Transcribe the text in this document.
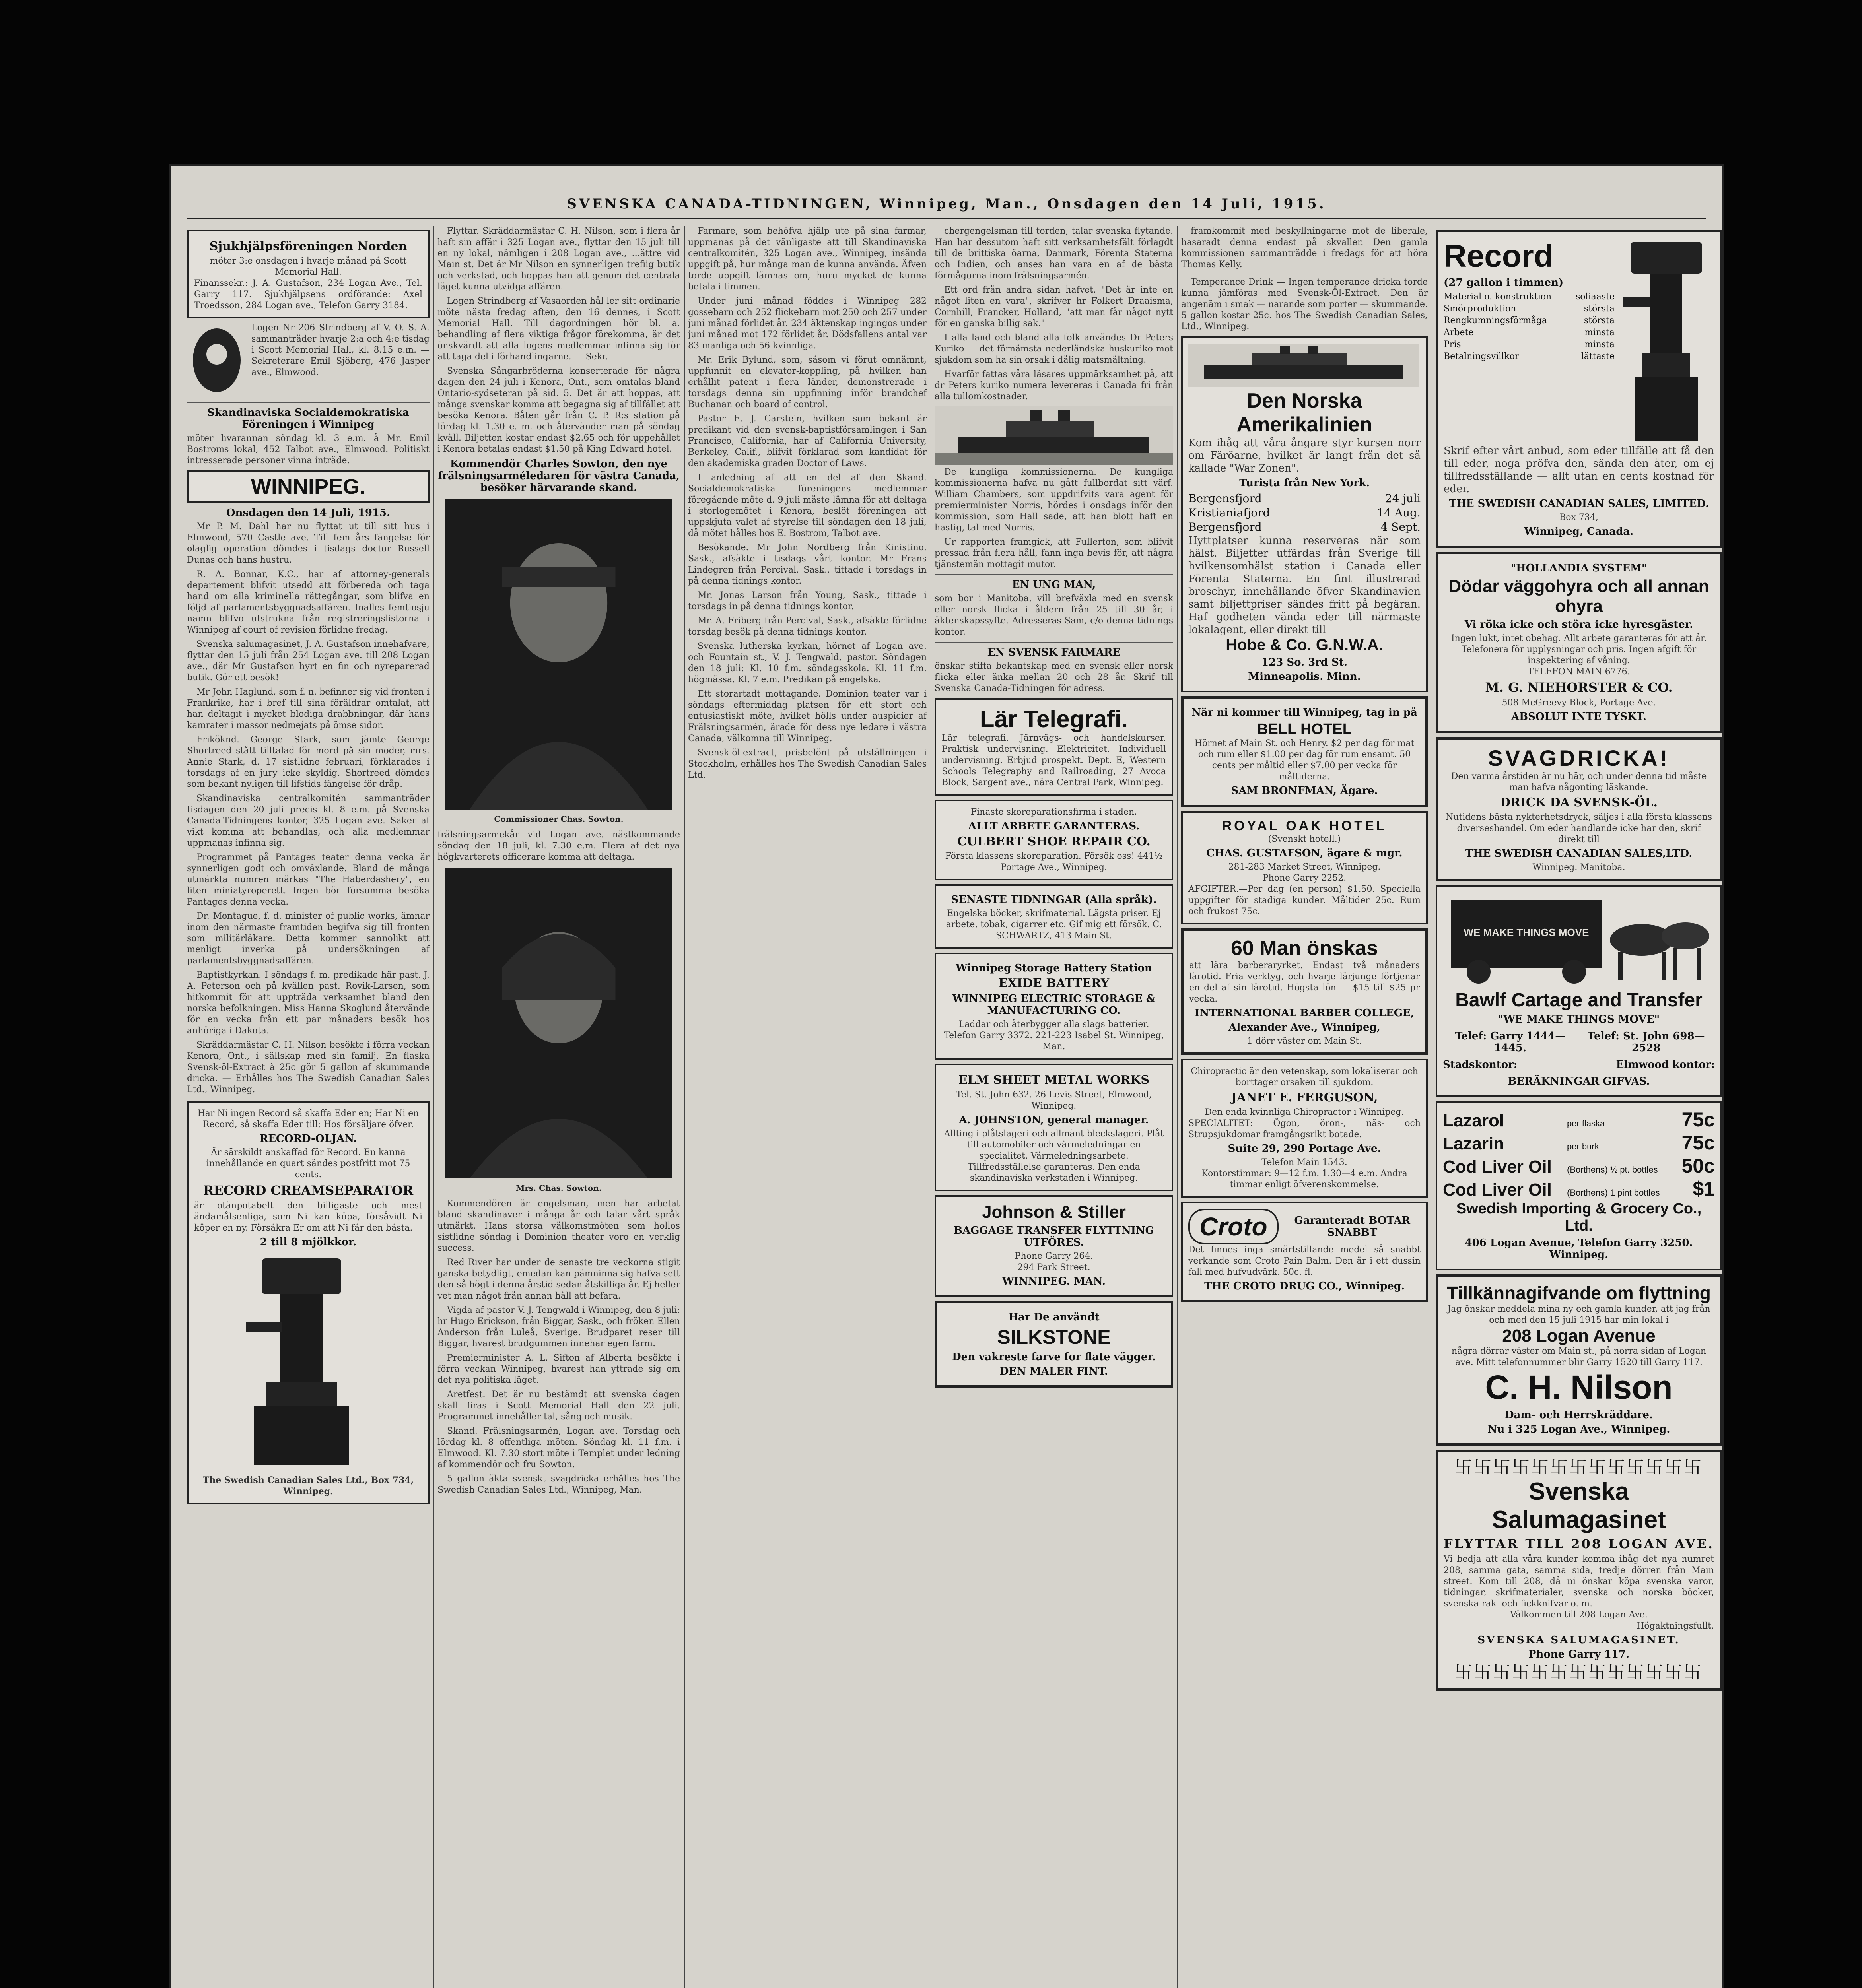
SVENSKA CANADA-TIDNINGEN, Winnipeg, Man., Onsdagen den 14 Juli, 1915.
Sjukhjälpsföreningen Norden
möter 3:e onsdagen i hvarje månad på Scott Memorial Hall.
Finanssekr.: J. A. Gustafson, 234 Logan Ave., Tel. Garry 117. Sjukhjälpsens ordförande: Axel Troedsson, 284 Logan ave., Telefon Garry 3184.
Logen Nr 206 Strindberg af V. O. S. A. sammanträder hvarje 2:a och 4:e tisdag i Scott Memorial Hall, kl. 8.15 e.m. — Sekreterare Emil Sjöberg, 476 Jasper ave., Elmwood.
Skandinaviska Socialdemokratiska Föreningen i Winnipeg
möter hvarannan söndag kl. 3 e.m. å Mr. Emil Bostroms lokal, 452 Talbot ave., Elmwood. Politiskt intresserade personer vinna inträde.
WINNIPEG.
Onsdagen den 14 Juli, 1915.

Mr P. M. Dahl har nu flyttat ut till sitt hus i Elmwood, 570 Castle ave. Till fem års fängelse för olaglig operation dömdes i tisdags doctor Russell Dunas och hans hustru.

R. A. Bonnar, K.C., har af attorney-generals departement blifvit utsedd att förbereda och taga hand om alla kriminella rättegångar, som blifva en följd af parlamentsbyggnadsaffären. Inalles femtiosju namn blifvo utstrukna från registreringslistorna i Winnipeg af court of revision förlidne fredag.

Svenska salumagasinet, J. A. Gustafson innehafvare, flyttar den 15 juli från 254 Logan ave. till 208 Logan ave., där Mr Gustafson hyrt en fin och nyreparerad butik. Gör ett besök!

Mr John Haglund, som f. n. befinner sig vid fronten i Frankrike, har i bref till sina föräldrar omtalat, att han deltagit i mycket blodiga drabbningar, där hans kamrater i massor nedmejats på ömse sidor.

Friköknd. George Stark, som jämte George Shortreed stått tilltalad för mord på sin moder, mrs. Annie Stark, d. 17 sistlidne februari, förklarades i torsdags af en jury icke skyldig. Shortreed dömdes som bekant nyligen till lifstids fängelse för dråp.

Skandinaviska centralkomitén sammanträder tisdagen den 20 juli precis kl. 8 e.m. på Svenska Canada-Tidningens kontor, 325 Logan ave. Saker af vikt komma att behandlas, och alla medlemmar uppmanas infinna sig.

Programmet på Pantages teater denna vecka är synnerligen godt och omväxlande. Bland de många utmärkta numren märkas "The Haberdashery", en liten miniatyroperett. Ingen bör försumma besöka Pantages denna vecka.

Dr. Montague, f. d. minister of public works, ämnar inom den närmaste framtiden begifva sig till fronten som militärläkare. Detta kommer sannolikt att menligt inverka på undersökningen af parlamentsbyggnadsaffären.

Baptistkyrkan. I söndags f. m. predikade här past. J. A. Peterson och på kvällen past. Rovik-Larsen, som hitkommit för att uppträda verksamhet bland den norska befolkningen. Miss Hanna Skoglund återvände för en vecka från ett par månaders besök hos anhöriga i Dakota.

Skräddarmästar C. H. Nilson besökte i förra veckan Kenora, Ont., i sällskap med sin familj. En flaska Svensk-öl-Extract à 25c gör 5 gallon af skummande dricka. — Erhålles hos The Swedish Canadian Sales Ltd., Winnipeg.

Har Ni ingen Record så skaffa Eder en; Har Ni en Record, så skaffa Eder till; Hos försäljare öfver.
RECORD-OLJAN.
Är särskildt anskaffad för Record. En kanna innehållande en quart sändes postfritt mot 75 cents.
RECORD CREAMSEPARATOR
är otänpotabelt den billigaste och mest ändamålsenliga, som Ni kan köpa, försåvidt Ni köper en ny. Försäkra Er om att Ni får den bästa.
2 till 8 mjölkkor.
The Swedish Canadian Sales Ltd., Box 734, Winnipeg.

Flyttar. Skräddarmästar C. H. Nilson, som i flera år haft sin affär i 325 Logan ave., flyttar den 15 juli till en ny lokal, nämligen i 208 Logan ave., ...ättre vid Main st. Det är Mr Nilson en synnerligen trefiig butik och verkstad, och hoppas han att genom det centrala läget kunna utvidga affären.

Logen Strindberg af Vasaorden hål ler sitt ordinarie möte nästa fredag aften, den 16 dennes, i Scott Memorial Hall. Till dagordningen hör bl. a. behandling af flera viktiga frågor förekomma, är det önskvärdt att alla logens medlemmar infinna sig för att taga del i förhandlingarne. — Sekr.

Svenska Sångarbröderna konserterade för några dagen den 24 juli i Kenora, Ont., som omtalas bland Ontario-sydseteran på sid. 5. Det är att hoppas, att många svenskar komma att begagna sig af tillfället att besöka Kenora. Båten går från C. P. R:s station på lördag kl. 1.30 e. m. och återvänder man på söndag kväll. Biljetten kostar endast $2.65 och för uppehållet i Kenora betalas endast $1.50 på King Edward hotel.

Kommendör Charles Sowton, den nye frälsningsarméledaren för västra Canada, besöker härvarande skand.
Commissioner Chas. Sowton.
frälsningsarmekår vid Logan ave. nästkommande söndag den 18 juli, kl. 7.30 e.m. Flera af det nya högkvarterets officerare komma att deltaga.
Mrs. Chas. Sowton.

Kommendören är engelsman, men har arbetat bland skandinaver i många år och talar vårt språk utmärkt. Hans storsa välkomstmöten som hollos sistlidne söndag i Dominion theater voro en verklig success.

Red River har under de senaste tre veckorna stigit ganska betydligt, emedan kan pämninna sig hafva sett den så högt i denna årstid sedan åtskilliga år. Ej heller vet man något från annan håll att befara.

Vigda af pastor V. J. Tengwald i Winnipeg, den 8 juli: hr Hugo Erickson, från Biggar, Sask., och fröken Ellen Anderson från Luleå, Sverige. Brudparet reser till Biggar, hvarest brudgummen innehar egen farm.

Premierminister A. L. Sifton af Alberta besökte i förra veckan Winnipeg, hvarest han yttrade sig om det nya politiska läget.

Aretfest. Det är nu bestämdt att svenska dagen skall firas i Scott Memorial Hall den 22 juli. Programmet innehåller tal, sång och musik.

Skand. Frälsningsarmén, Logan ave. Torsdag och lördag kl. 8 offentliga möten. Söndag kl. 11 f.m. i Elmwood. Kl. 7.30 stort möte i Templet under ledning af kommendör och fru Sowton.

5 gallon äkta svenskt svagdricka erhålles hos The Swedish Canadian Sales Ltd., Winnipeg, Man.

Farmare, som behöfva hjälp ute på sina farmar, uppmanas på det vänligaste att till Skandinaviska centralkomitén, 325 Logan ave., Winnipeg, insända uppgift på, hur många man de kunna använda. Äfven torde uppgift lämnas om, huru mycket de kunna betala i timmen.

Under juni månad föddes i Winnipeg 282 gossebarn och 252 flickebarn mot 250 och 257 under juni månad förlidet år. 234 äktenskap ingingos under juni månad mot 172 förlidet år. Dödsfallens antal var 83 manliga och 56 kvinnliga.

Mr. Erik Bylund, som, såsom vi förut omnämnt, uppfunnit en elevator-koppling, på hvilken han erhållit patent i flera länder, demonstrerade i torsdags denna sin uppfinning inför brandchef Buchanan och board of control.

Pastor E. J. Carstein, hvilken som bekant är predikant vid den svensk-baptistförsamlingen i San Francisco, California, har af California University, Berkeley, Calif., blifvit förklarad som kandidat för den akademiska graden Doctor of Laws.

I anledning af att en del af den Skand. Socialdemokratiska föreningens medlemmar föregående möte d. 9 juli måste lämna för att deltaga i storlogemötet i Kenora, beslöt föreningen att uppskjuta valet af styrelse till söndagen den 18 juli, då mötet hålles hos E. Bostrom, Talbot ave.

Besökande. Mr John Nordberg från Kinistino, Sask., afsäkte i tisdags vårt kontor. Mr Frans Lindegren från Percival, Sask., tittade i torsdags in på denna tidnings kontor.

Mr. Jonas Larson från Young, Sask., tittade i torsdags in på denna tidnings kontor.

Mr. A. Friberg från Percival, Sask., afsäkte förlidne torsdag besök på denna tidnings kontor.

Svenska lutherska kyrkan, hörnet af Logan ave. och Fountain st., V. J. Tengwald, pastor. Söndagen den 18 juli: Kl. 10 f.m. söndagsskola. Kl. 11 f.m. högmässa. Kl. 7 e.m. Predikan på engelska.

Ett storartadt mottagande. Dominion teater var i söndags eftermiddag platsen för ett stort och entusiastiskt möte, hvilket hölls under auspicier af Frälsningsarmén, ärade för dess nye ledare i västra Canada, välkomna till Winnipeg.

Svensk-öl-extract, prisbelönt på utställningen i Stockholm, erhålles hos The Swedish Canadian Sales Ltd.

chergengelsman till torden, talar svenska flytande. Han har dessutom haft sitt verksamhetsfält förlagdt till de brittiska öarna, Danmark, Förenta Staterna och Indien, och anses han vara en af de bästa förmågorna inom frälsningsarmén.

Ett ord från andra sidan hafvet. "Det är inte en något liten en vara", skrifver hr Folkert Draaisma, Cornhill, Francker, Holland, "att man får något nytt för en ganska billig sak."

I alla land och bland alla folk användes Dr Peters Kuriko — det förnämsta nederländska huskuriko mot sjukdom som ha sin orsak i dålig matsmältning.

Hvarför fattas våra läsares uppmärksamhet på, att dr Peters kuriko numera levereras i Canada fri från alla tullomkostnader.

De kungliga kommissionerna. De kungliga kommissionerna hafva nu gått fullbordat sitt värf. William Chambers, som uppdrifvits vara agent för premierminister Norris, hördes i onsdags inför den kommission, som Hall sade, att han blott haft en hastig, tal med Norris.

Ur rapporten framgick, att Fullerton, som blifvit pressad från flera håll, fann inga bevis för, att några tjänstemän mottagit mutor.

EN UNG MAN,
som bor i Manitoba, vill brefväxla med en svensk eller norsk flicka i åldern från 25 till 30 år, i äktenskapssyfte. Adresseras Sam, c/o denna tidnings kontor.
EN SVENSK FARMARE
önskar stifta bekantskap med en svensk eller norsk flicka eller änka mellan 20 och 28 år. Skrif till Svenska Canada-Tidningen för adress.
Lär Telegrafi.
Lär telegrafi. Järnvägs- och handelskurser. Praktisk undervisning. Elektricitet. Individuell undervisning. Erbjud prospekt. Dept. E, Western Schools Telegraphy and Railroading, 27 Avoca Block, Sargent ave., nära Central Park, Winnipeg.
Finaste skoreparationsfirma i staden.
ALLT ARBETE GARANTERAS.
CULBERT SHOE REPAIR CO.
Första klassens skoreparation. Försök oss! 441½ Portage Ave., Winnipeg.
SENASTE TIDNINGAR (Alla språk).
Engelska böcker, skrifmaterial. Lägsta priser. Ej arbete, tobak, cigarrer etc. Gif mig ett försök. C. SCHWARTZ, 413 Main St.
Winnipeg Storage Battery Station
EXIDE BATTERY
WINNIPEG ELECTRIC STORAGE & MANUFACTURING CO.
Laddar och återbygger alla slags batterier. Telefon Garry 3372. 221-223 Isabel St. Winnipeg, Man.
ELM SHEET METAL WORKS
Tel. St. John 632. 26 Levis Street, Elmwood, Winnipeg.
A. JOHNSTON, general manager.
Allting i plåtslageri och allmänt bleckslageri. Plåt till automobiler och värmeledningar en specialitet. Värmeledningsarbete. Tillfredsställelse garanteras. Den enda skandinaviska verkstaden i Winnipeg.
Johnson & Stiller
BAGGAGE TRANSFER FLYTTNING UTFÖRES.
Phone Garry 264.
294 Park Street.
WINNIPEG. MAN.
Har De användt
SILKSTONE
Den vakreste farve for flate vägger.
DEN MALER FINT.

framkommit med beskyllningarne mot de liberale, hasaradt denna endast på skvaller. Den gamla kommissionen sammanträdde i fredags för att höra Thomas Kelly.

Temperance Drink — Ingen temperance dricka torde kunna jämföras med Svensk-Öl-Extract. Den är angenäm i smak — narande som porter — skummande. 5 gallon kostar 25c. hos The Swedish Canadian Sales, Ltd., Winnipeg.

Den Norska Amerikalinien
Kom ihåg att våra ångare styr kursen norr om Färöarne, hvilket är långt från det så kallade "War Zonen".
Turista från New York.
Bergensfjord	24 juli
Kristianiafjord	14 Aug.
Bergensfjord	4 Sept.
Hyttplatser kunna reserveras när som hälst. Biljetter utfärdas från Sverige till hvilkensomhälst station i Canada eller Förenta Staterna. En fint illustrerad broschyr, innehållande öfver Skandinavien samt biljettpriser sändes fritt på begäran. Haf godheten vända eder till närmaste lokalagent, eller direkt till
Hobe & Co. G.N.W.A.
123 So. 3rd St.
Minneapolis. Minn.
När ni kommer till Winnipeg, tag in på
BELL HOTEL
Hörnet af Main St. och Henry. $2 per dag för mat och rum eller $1.00 per dag för rum ensamt. 50 cents per måltid eller $7.00 per vecka för måltiderna.
SAM BRONFMAN, Ägare.
ROYAL OAK HOTEL
(Svenskt hotell.)
CHAS. GUSTAFSON, ägare & mgr.
281-283 Market Street, Winnipeg.
Phone Garry 2252.
AFGIFTER.—Per dag (en person) $1.50. Speciella uppgifter för stadiga kunder. Måltider 25c. Rum och frukost 75c.
60 Man önskas
att lära barberaryrket. Endast två månaders lärotid. Fria verktyg, och hvarje lärjunge förtjenar en del af sin lärotid. Högsta lön — $15 till $25 pr vecka.
INTERNATIONAL BARBER COLLEGE,
Alexander Ave., Winnipeg,
1 dörr väster om Main St.
Chiropractic är den vetenskap, som lokaliserar och borttager orsaken till sjukdom.
JANET E. FERGUSON,
Den enda kvinnliga Chiropractor i Winnipeg.
SPECIALITET: Ögon, öron-, näs- och Strupsjukdomar framgångsrikt botade.
Suite 29, 290 Portage Ave.
Telefon Main 1543.
Kontorstimmar: 9—12 f.m. 1.30—4 e.m. Andra timmar enligt öfverenskommelse.
Croto	Garanteradt BOTAR SNABBT
Det finnes inga smärtstillande medel så snabbt verkande som Croto Pain Balm. Den är i ett dussin fall med hufvudvärk. 50c. fl.
THE CROTO DRUG CO., Winnipeg.
Record
(27 gallon i timmen)
Material o. konstruktion	soliaaste
Smörproduktion	största
Rengkumningsförmåga	största
Arbete	minsta
Pris	minsta
Betalningsvillkor	lättaste
Skrif efter vårt anbud, som eder tillfälle att få den till eder, noga pröfva den, sända den åter, om ej tillfredsställande — allt utan en cents kostnad för eder.
THE SWEDISH CANADIAN SALES, LIMITED.
Box 734,
Winnipeg, Canada.
"HOLLANDIA SYSTEM"
Dödar väggohyra och all annan ohyra
Vi röka icke och störa icke hyresgäster.
Ingen lukt, intet obehag. Allt arbete garanteras för att år. Telefonera för upplysningar och pris. Ingen afgift för inspektering af våning.
TELEFON MAIN 6776.
M. G. NIEHORSTER & CO.
508 McGreevy Block, Portage Ave.
ABSOLUT INTE TYSKT.
SVAGDRICKA!
Den varma årstiden är nu här, och under denna tid måste man hafva någonting läskande.
DRICK DA SVENSK-ÖL.
Nutidens bästa nykterhetsdryck, säljes i alla första klassens diverseshandel. Om eder handlande icke har den, skrif direkt till
THE SWEDISH CANADIAN SALES,LTD.
Winnipeg. Manitoba.
WE MAKE THINGS MOVE
Bawlf Cartage and Transfer
"WE MAKE THINGS MOVE"
Telef: Garry 1444—1445.
Telef: St. John 698—2528
Stadskontor:	Elmwood kontor:
BERÄKNINGAR GIFVAS.
Lazarol	per flaska	75c
Lazarin	per burk	75c
Cod Liver Oil	(Borthens) ½ pt. bottles	50c
Cod Liver Oil	(Borthens) 1 pint bottles	$1
Swedish Importing & Grocery Co., Ltd.
406 Logan Avenue, Telefon Garry 3250. Winnipeg.
Tillkännagifvande om flyttning
Jag önskar meddela mina ny och gamla kunder, att jag från och med den 15 juli 1915 har min lokal i
208 Logan Avenue
några dörrar väster om Main st., på norra sidan af Logan ave. Mitt telefonnummer blir Garry 1520 till Garry 117.
C. H. Nilson
Dam- och Herrskräddare.
Nu i 325 Logan Ave., Winnipeg.
卐卐卐卐卐卐卐卐卐卐卐卐卐
Svenska Salumagasinet
FLYTTAR TILL 208 LOGAN AVE.
Vi bedja att alla våra kunder komma ihåg det nya numret 208, samma gata, samma sida, tredje dörren från Main street. Kom till 208, då ni önskar köpa svenska varor, tidningar, skrifmaterialer, svenska och norska böcker, svenska rak- och fickknifvar o. m.
Välkommen till 208 Logan Ave.
Högaktningsfullt,
SVENSKA SALUMAGASINET.
Phone Garry 117.
卐卐卐卐卐卐卐卐卐卐卐卐卐
